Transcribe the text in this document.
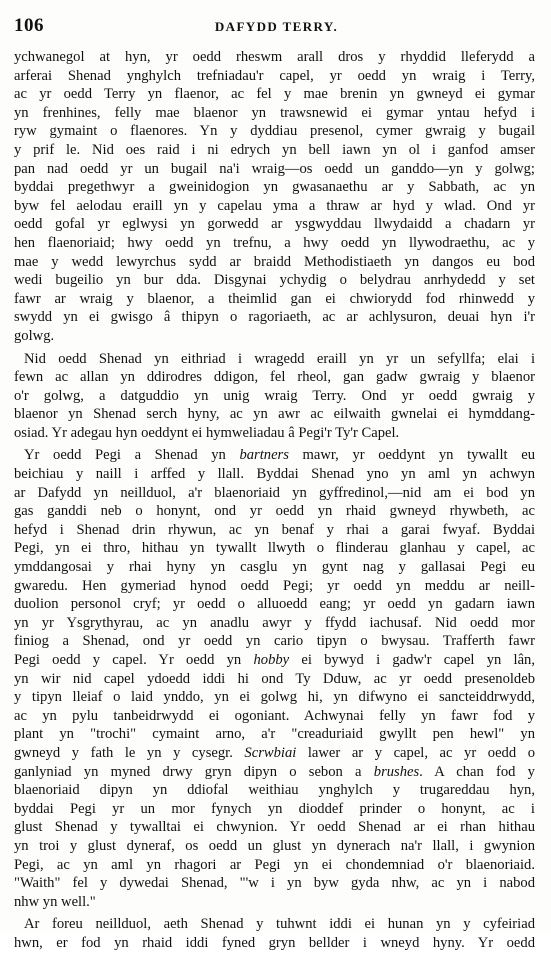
106	DAFYDD TERRY.
ychwanegol at hyn, yr oedd rheswm arall dros y rhyddid lleferydd a
arferai Shenad ynghylch trefniadau'r capel, yr oedd yn wraig i Terry,
ac yr oedd Terry yn flaenor, ac fel y mae brenin yn gwneyd ei gymar
yn frenhines, felly mae blaenor yn trawsnewid ei gymar yntau hefyd i
ryw gymaint o flaenores. Yn y dyddiau presenol, cymer gwraig y bugail
y prif le. Nid oes raid i ni edrych yn bell iawn yn ol i ganfod amser
pan nad oedd yr un bugail na'i wraig—os oedd un ganddo—yn y golwg;
byddai pregethwyr a gweinidogion yn gwasanaethu ar y Sabbath, ac yn
byw fel aelodau eraill yn y capelau yma a thraw ar hyd y wlad. Ond yr
oedd gofal yr eglwysi yn gorwedd ar ysgwyddau llwydaidd a chadarn yr
hen flaenoriaid; hwy oedd yn trefnu, a hwy oedd yn llywodraethu, ac y
mae y wedd lewyrchus sydd ar braidd Methodistiaeth yn dangos eu bod
wedi bugeilio yn bur dda. Disgynai ychydig o belydrau anrhydedd y set
fawr ar wraig y blaenor, a theimlid gan ei chwiorydd fod rhinwedd y
swydd yn ei gwisgo â thipyn o ragoriaeth, ac ar achlysuron, deuai hyn i'r
golwg.
Nid oedd Shenad yn eithriad i wragedd eraill yn yr un sefyllfa; elai i
fewn ac allan yn ddirodres ddigon, fel rheol, gan gadw gwraig y blaenor
o'r golwg, a datguddio yn unig wraig Terry. Ond yr oedd gwraig y
blaenor yn Shenad serch hyny, ac yn awr ac eilwaith gwnelai ei hymddang-
osiad. Yr adegau hyn oeddynt ei hymweliadau â Pegi'r Ty'r Capel.
Yr oedd Pegi a Shenad yn bartners mawr, yr oeddynt yn tywallt eu
beichiau y naill i arffed y llall. Byddai Shenad yno yn aml yn achwyn
ar Dafydd yn neillduol, a'r blaenoriaid yn gyffredinol,—nid am ei bod yn
gas ganddi neb o honynt, ond yr oedd yn rhaid gwneyd rhywbeth, ac
hefyd i Shenad drin rhywun, ac yn benaf y rhai a garai fwyaf. Byddai
Pegi, yn ei thro, hithau yn tywallt llwyth o flinderau glanhau y capel, ac
ymddangosai y rhai hyny yn casglu yn gynt nag y gallasai Pegi eu
gwaredu. Hen gymeriad hynod oedd Pegi; yr oedd yn meddu ar neill-
duolion personol cryf; yr oedd o alluoedd eang; yr oedd yn gadarn iawn
yn yr Ysgrythyrau, ac yn anadlu awyr y ffydd iachusaf. Nid oedd mor
finiog a Shenad, ond yr oedd yn cario tipyn o bwysau. Trafferth fawr
Pegi oedd y capel. Yr oedd yn hobby ei bywyd i gadw'r capel yn lân,
yn wir nid capel ydoedd iddi hi ond Ty Dduw, ac yr oedd presenoldeb
y tipyn lleiaf o laid ynddo, yn ei golwg hi, yn difwyno ei sancteiddrwydd,
ac yn pylu tanbeidrwydd ei ogoniant. Achwynai felly yn fawr fod y
plant yn "trochi" cymaint arno, a'r "creaduriaid gwyllt pen hewl" yn
gwneyd y fath le yn y cysegr. Scrwbiai lawer ar y capel, ac yr oedd o
ganlyniad yn myned drwy gryn dipyn o sebon a brushes. A chan fod y
blaenoriaid dipyn yn ddiofal weithiau ynghylch y trugareddau hyn,
byddai Pegi yr un mor fynych yn dioddef prinder o honynt, ac i
glust Shenad y tywalltai ei chwynion. Yr oedd Shenad ar ei rhan hithau
yn troi y glust dyneraf, os oedd un glust yn dynerach na'r llall, i gwynion
Pegi, ac yn aml yn rhagori ar Pegi yn ei chondemniad o'r blaenoriaid.
"Waith" fel y dywedai Shenad, "'w i yn byw gyda nhw, ac yn i nabod
nhw yn well."
Ar foreu neillduol, aeth Shenad y tuhwnt iddi ei hunan yn y cyfeiriad
hwn, er fod yn rhaid iddi fyned gryn bellder i wneyd hyny. Yr oedd
